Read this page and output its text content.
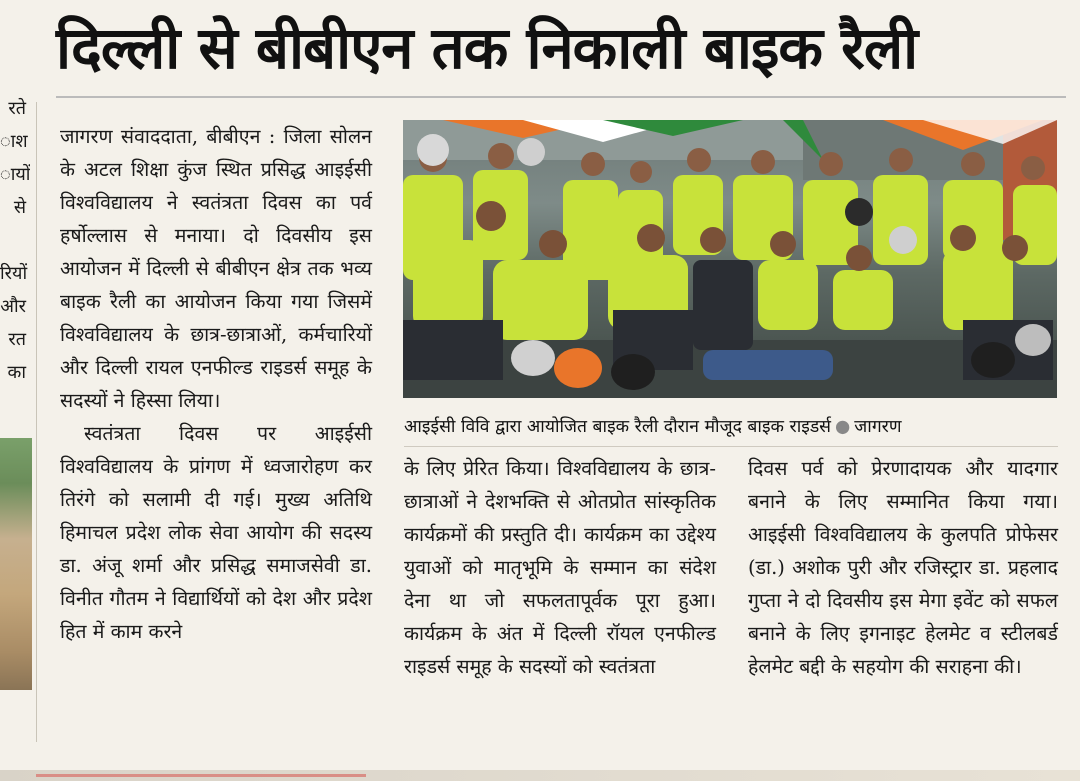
दिल्ली से बीबीएन तक निकाली बाइक रैली
रते
ाश
ायों
से

रियों
और
रत
का

जागरण संवाददाता, बीबीएन : जिला सोलन के अटल शिक्षा कुंज स्थित प्रसिद्ध आइईसी विश्वविद्यालय ने स्वतंत्रता दिवस का पर्व हर्षोल्लास से मनाया। दो दिवसीय इस आयोजन में दिल्ली से बीबीएन क्षेत्र तक भव्य बाइक रैली का आयोजन किया गया जिसमें विश्वविद्यालय के छात्र-छात्राओं, कर्मचारियों और दिल्ली रायल एनफील्ड राइडर्स समूह के सदस्यों ने हिस्सा लिया।

स्वतंत्रता दिवस पर आइईसी विश्वविद्यालय के प्रांगण में ध्वजारोहण कर तिरंगे को सलामी दी गई। मुख्य अतिथि हिमाचल प्रदेश लोक सेवा आयोग की सदस्य डा. अंजू शर्मा और प्रसिद्ध समाजसेवी डा. विनीत गौतम ने विद्यार्थियों को देश और प्रदेश हित में काम करने

आइईसी विवि द्वारा आयोजित बाइक रैली दौरान मौजूद बाइक राइडर्स ● जागरण

के लिए प्रेरित किया। विश्वविद्यालय के छात्र-छात्राओं ने देशभक्ति से ओतप्रोत सांस्कृतिक कार्यक्रमों की प्रस्तुति दी। कार्यक्रम का उद्देश्य युवाओं को मातृभूमि के सम्मान का संदेश देना था जो सफलतापूर्वक पूरा हुआ। कार्यक्रम के अंत में दिल्ली रॉयल एनफील्ड राइडर्स समूह के सदस्यों को स्वतंत्रता

दिवस पर्व को प्रेरणादायक और यादगार बनाने के लिए सम्मानित किया गया। आइईसी विश्वविद्यालय के कुलपति प्रोफेसर (डा.) अशोक पुरी और रजिस्ट्रार डा. प्रहलाद गुप्ता ने दो दिवसीय इस मेगा इवेंट को सफल बनाने के लिए इगनाइट हेलमेट व स्टीलबर्ड हेलमेट बद्दी के सहयोग की सराहना की।
